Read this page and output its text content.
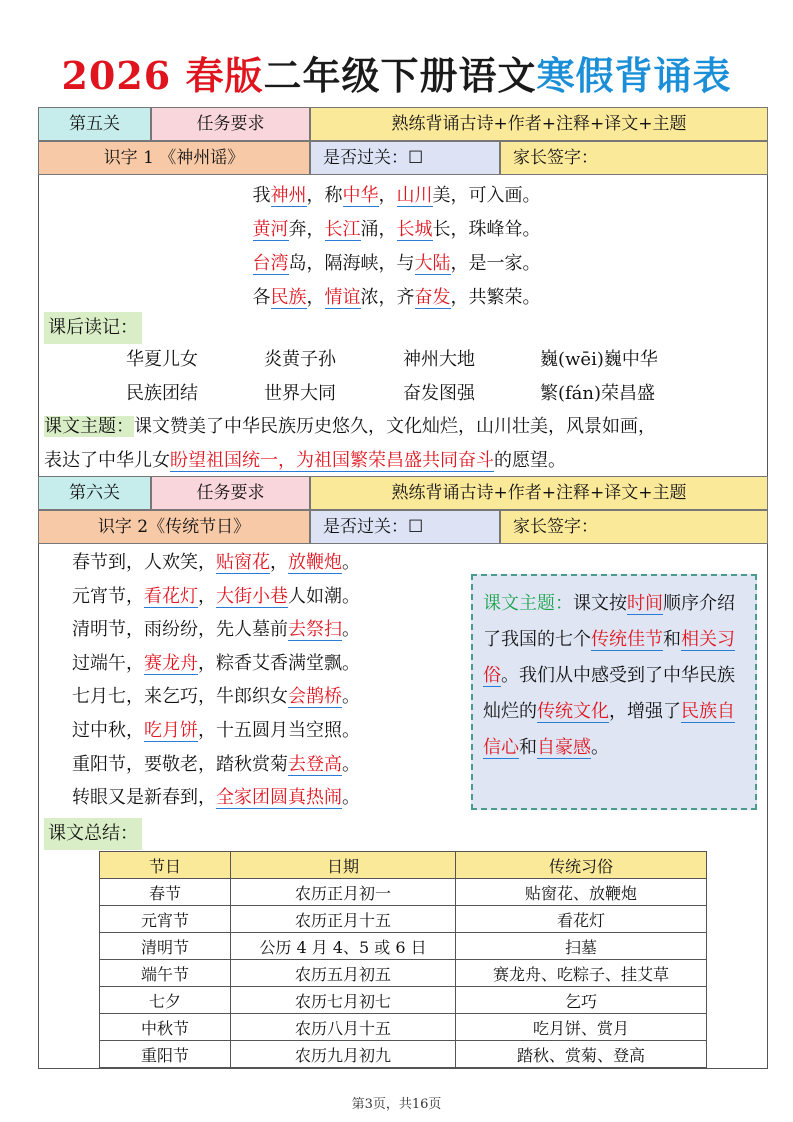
2026 春版二年级下册语文寒假背诵表
第五关	任务要求	熟练背诵古诗+作者+注释+译文+主题
识字 1 《神州谣》	是否过关：☐	家长签字：
我神州，称中华，山川美，可入画。
黄河奔，长江涌，长城长，珠峰耸。
台湾岛，隔海峡，与大陆，是一家。
各民族，情谊浓，齐奋发，共繁荣。
课后读记：
华夏儿女	炎黄子孙	神州大地	巍(wēi)巍中华
民族团结	世界大同	奋发图强	繁(fán)荣昌盛
课文主题：课文赞美了中华民族历史悠久，文化灿烂，山川壮美，风景如画，
表达了中华儿女盼望祖国统一，为祖国繁荣昌盛共同奋斗的愿望。
第六关	任务要求	熟练背诵古诗+作者+注释+译文+主题
识字 2《传统节日》	是否过关：☐	家长签字：
春节到，人欢笑，贴窗花，放鞭炮。
元宵节，看花灯，大街小巷人如潮。
清明节，雨纷纷，先人墓前去祭扫。
过端午，赛龙舟，粽香艾香满堂飘。
七月七，来乞巧，牛郎织女会鹊桥。
过中秋，吃月饼，十五圆月当空照。
重阳节，要敬老，踏秋赏菊去登高。
转眼又是新春到，全家团圆真热闹。
课文主题：课文按时间顺序介绍了我国的七个传统佳节和相关习俗。我们从中感受到了中华民族灿烂的传统文化，增强了民族自信心和自豪感。
课文总结：
节日	日期	传统习俗
春节	农历正月初一	贴窗花、放鞭炮
元宵节	农历正月十五	看花灯
清明节	公历 4 月 4、5 或 6 日	扫墓
端午节	农历五月初五	赛龙舟、吃粽子、挂艾草
七夕	农历七月初七	乞巧
中秋节	农历八月十五	吃月饼、赏月
重阳节	农历九月初九	踏秋、赏菊、登高
第3页，共16页
